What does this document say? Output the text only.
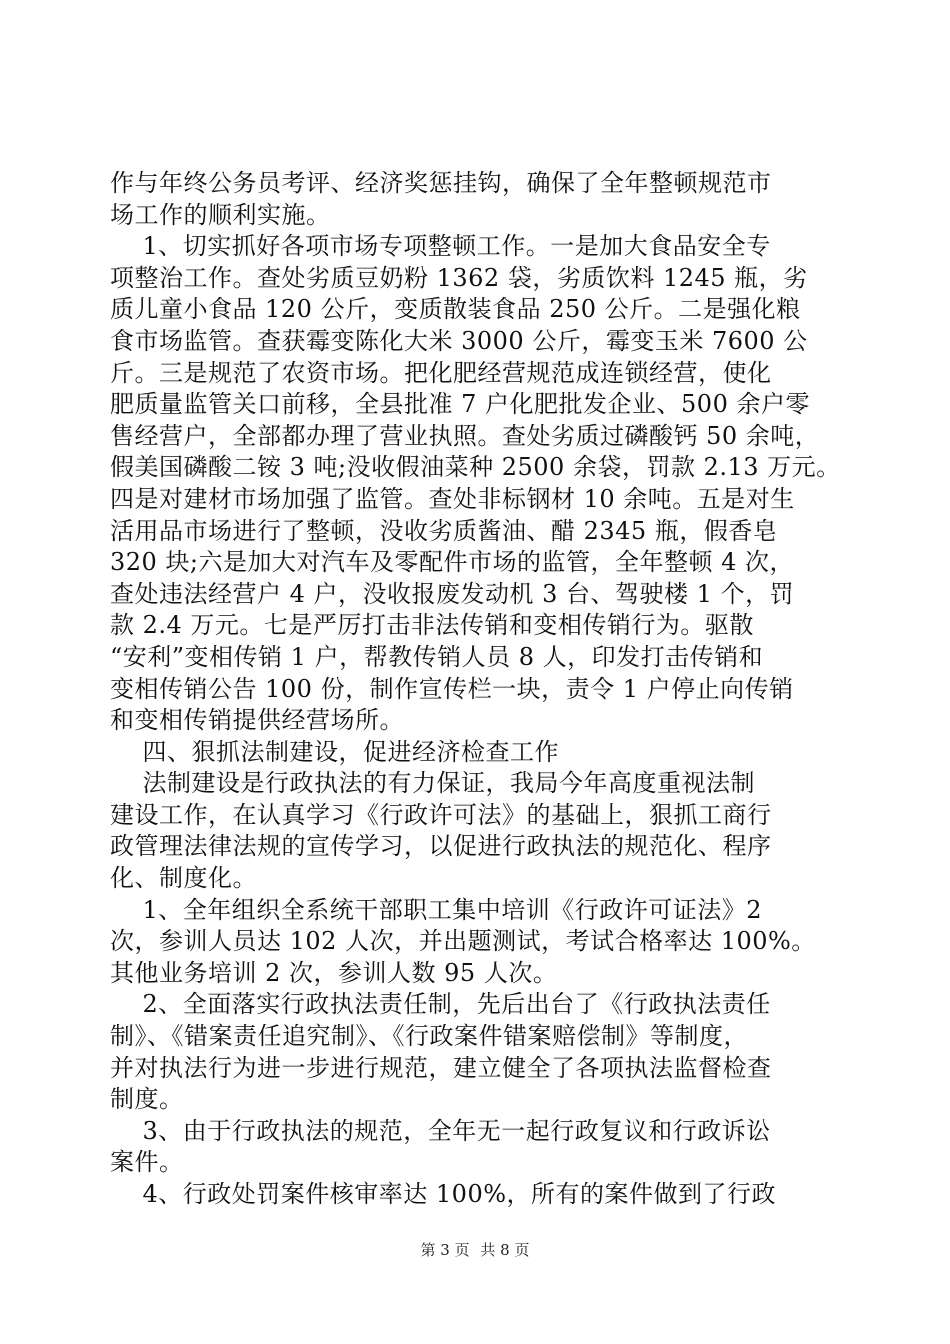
作与年终公务员考评、经济奖惩挂钩，确保了全年整顿规范市
场工作的顺利实施。
1、切实抓好各项市场专项整顿工作。一是加大食品安全专
项整治工作。查处劣质豆奶粉 1362 袋，劣质饮料 1245 瓶，劣
质儿童小食品 120 公斤，变质散装食品 250 公斤。二是强化粮
食市场监管。查获霉变陈化大米 3000 公斤，霉变玉米 7600 公
斤。三是规范了农资市场。把化肥经营规范成连锁经营，使化
肥质量监管关口前移，全县批准 7 户化肥批发企业、500 余户零
售经营户，全部都办理了营业执照。查处劣质过磷酸钙 50 余吨，
假美国磷酸二铵 3 吨;没收假油菜种 2500 余袋，罚款 2.13 万元。
四是对建材市场加强了监管。查处非标钢材 10 余吨。五是对生
活用品市场进行了整顿，没收劣质酱油、醋 2345 瓶，假香皂
320 块;六是加大对汽车及零配件市场的监管，全年整顿 4 次，
查处违法经营户 4 户，没收报废发动机 3 台、驾驶楼 1 个，罚
款 2.4 万元。七是严厉打击非法传销和变相传销行为。驱散
“安利”变相传销 1 户，帮教传销人员 8 人，印发打击传销和
变相传销公告 100 份，制作宣传栏一块，责令 1 户停止向传销
和变相传销提供经营场所。
四、狠抓法制建设，促进经济检查工作
法制建设是行政执法的有力保证，我局今年高度重视法制
建设工作，在认真学习《行政许可法》的基础上，狠抓工商行
政管理法律法规的宣传学习，以促进行政执法的规范化、程序
化、制度化。
1、全年组织全系统干部职工集中培训《行政许可证法》2
次，参训人员达 102 人次，并出题测试，考试合格率达 100%。
其他业务培训 2 次，参训人数 95 人次。
2、全面落实行政执法责任制，先后出台了《行政执法责任
制》、《错案责任追究制》、《行政案件错案赔偿制》等制度，
并对执法行为进一步进行规范，建立健全了各项执法监督检查
制度。
3、由于行政执法的规范，全年无一起行政复议和行政诉讼
案件。
4、行政处罚案件核审率达 100%，所有的案件做到了行政
第 3 页 共 8 页
